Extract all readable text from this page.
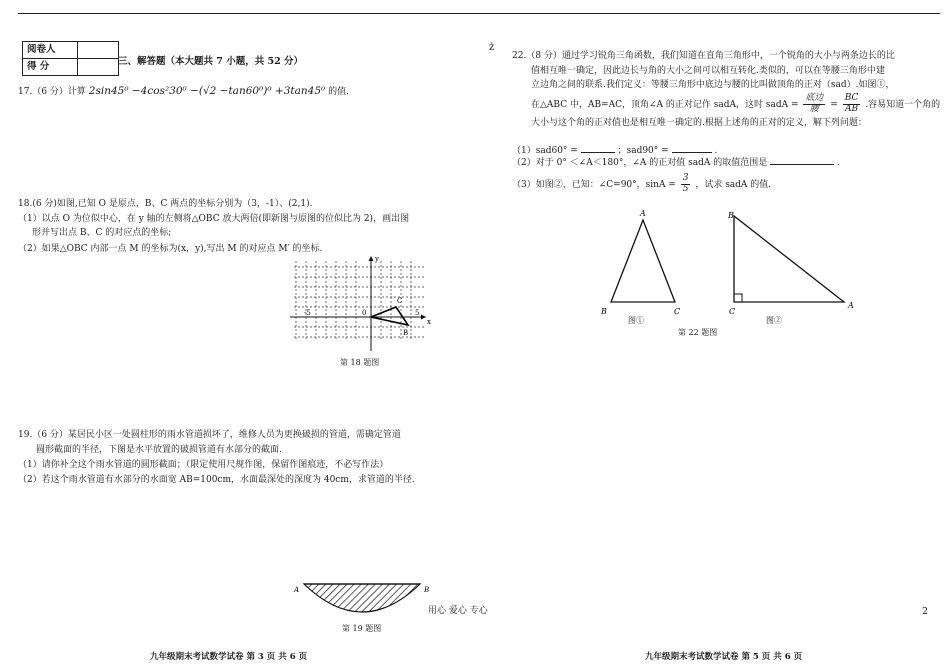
阅卷人	
得 分		三、解答题（本大题共 7 小题，共 52 分）
ż
17.（6 分）计算 2sin45⁰ −4cos²30⁰ −(√2 −tan60⁰)⁰ +3tan45⁰ 的值.
18.(6 分)如图,已知 O 是原点，B、C 两点的坐标分别为（3，-1）、(2,1).
（1）以点 O 为位似中心，在 y 轴的左侧将△OBC 放大两倍(即新图与原图的位似比为 2)，画出图
形并写出点 B、C 的对应点的坐标;
（2）如果△OBC 内部一点 M 的坐标为(x，y),写出 M 的对应点 M′ 的坐标.
y
x
0
-5	5
C
B
第 18 题图
19.（6 分）某居民小区一处圆柱形的雨水管道损坏了，维修人员为更换破损的管道，需确定管道
圆形截面的半径，下图是水平放置的破损管道有水部分的截面.
（1）请你补全这个雨水管道的圆形截面；（限定使用尺规作图，保留作图痕迹，不必写作法）
（2）若这个雨水管道有水部分的水面宽 AB=100cm，水面最深处的深度为 40cm，求管道的半径.
A	B
第 19 题图
用心 爱心 专心	2
22.（8 分）通过学习锐角三角函数，我们知道在直角三角形中，一个锐角的大小与两条边长的比
值相互唯一确定，因此边长与角的大小之间可以相互转化.类似的，可以在等腰三角形中建
立边角之间的联系.我们定义：等腰三角形中底边与腰的比叫做顶角的正对（sad）.如图①，
在△ABC 中，AB=AC，顶角∠A 的正对记作 sadA，这时 sadA = $\frac{\text{底边}}{\text{腰}} = \frac{BC}{AB}$ .容易知道一个角的
大小与这个角的正对值也是相互唯一确定的.根据上述角的正对的定义，解下列问题：
（1）sad60° =	；sad90° =	.
（2）对于 0° ＜∠A＜180°，∠A 的正对值 sadA 的取值范围是	.
（3）如图②，已知：∠C=90°，$\sin A = \frac{3}{5}$ ，试求 sadA 的值.
A
B	C
图①
B
C
A
图②
第 22 题图
九年级期末考试数学试卷 第 3 页 共 6 页	九年级期末考试数学试卷 第 5 页 共 6 页
